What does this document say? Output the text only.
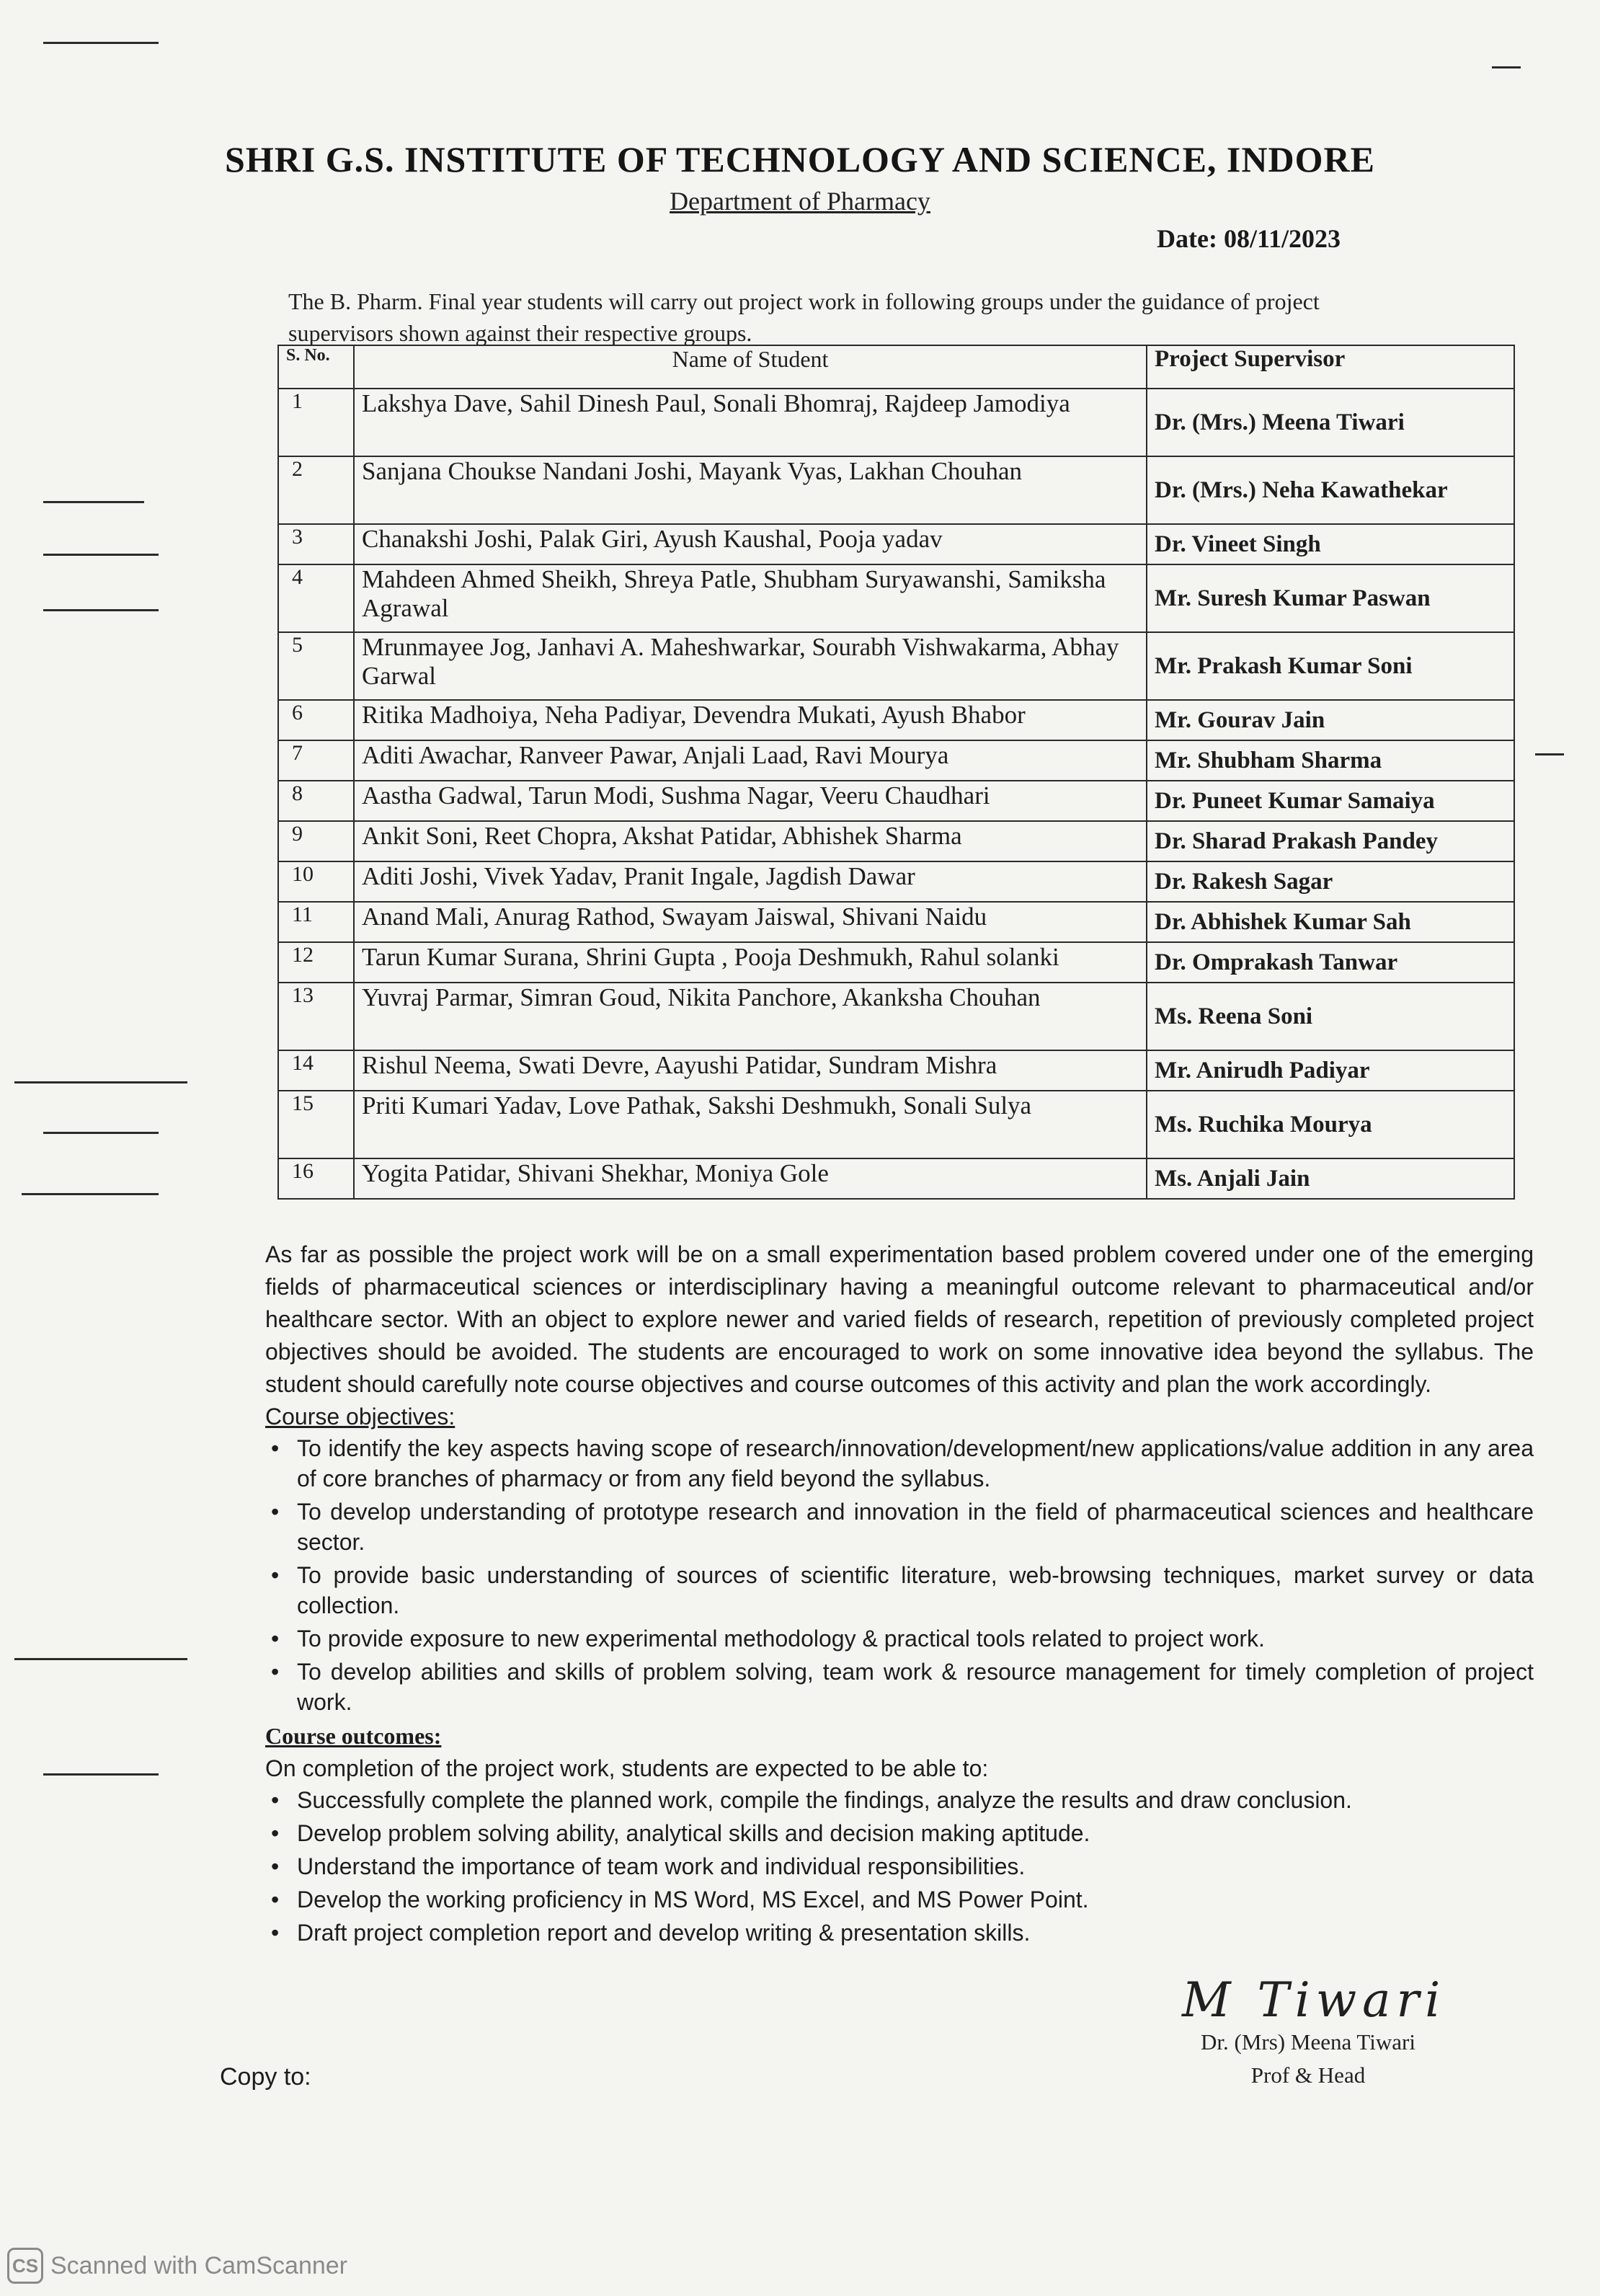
SHRI G.S. INSTITUTE OF TECHNOLOGY AND SCIENCE, INDORE
Department of Pharmacy
Date: 08/11/2023
The B. Pharm. Final year students will carry out project work in following groups under the guidance of project supervisors shown against their respective groups.
S. No.	Name of Student	Project Supervisor
1	Lakshya Dave, Sahil Dinesh Paul, Sonali Bhomraj, Rajdeep Jamodiya	Dr. (Mrs.) Meena Tiwari
2	Sanjana Choukse Nandani Joshi, Mayank Vyas, Lakhan Chouhan	Dr. (Mrs.) Neha Kawathekar
3	Chanakshi Joshi, Palak Giri, Ayush Kaushal, Pooja yadav	Dr. Vineet Singh
4	Mahdeen Ahmed Sheikh, Shreya Patle, Shubham Suryawanshi, Samiksha Agrawal	Mr. Suresh Kumar Paswan
5	Mrunmayee Jog, Janhavi A. Maheshwarkar, Sourabh Vishwakarma, Abhay Garwal	Mr. Prakash Kumar Soni
6	Ritika Madhoiya, Neha Padiyar, Devendra Mukati, Ayush Bhabor	Mr. Gourav Jain
7	Aditi Awachar, Ranveer Pawar, Anjali Laad, Ravi Mourya	Mr. Shubham Sharma
8	Aastha Gadwal, Tarun Modi, Sushma Nagar, Veeru Chaudhari	Dr. Puneet Kumar Samaiya
9	Ankit Soni, Reet Chopra, Akshat Patidar, Abhishek Sharma	Dr. Sharad Prakash Pandey
10	Aditi Joshi, Vivek Yadav, Pranit Ingale, Jagdish Dawar	Dr. Rakesh Sagar
11	Anand Mali, Anurag Rathod, Swayam Jaiswal, Shivani Naidu	Dr. Abhishek Kumar Sah
12	Tarun Kumar Surana, Shrini Gupta , Pooja Deshmukh, Rahul solanki	Dr. Omprakash Tanwar
13	Yuvraj Parmar, Simran Goud, Nikita Panchore, Akanksha Chouhan	Ms. Reena Soni
14	Rishul Neema, Swati Devre, Aayushi Patidar, Sundram Mishra	Mr. Anirudh Padiyar
15	Priti Kumari Yadav, Love Pathak, Sakshi Deshmukh, Sonali Sulya	Ms. Ruchika Mourya
16	Yogita Patidar, Shivani Shekhar, Moniya Gole	Ms. Anjali Jain
As far as possible the project work will be on a small experimentation based problem covered under one of the emerging fields of pharmaceutical sciences or interdisciplinary having a meaningful outcome relevant to pharmaceutical and/or healthcare sector. With an object to explore newer and varied fields of research, repetition of previously completed project objectives should be avoided. The students are encouraged to work on some innovative idea beyond the syllabus. The student should carefully note course objectives and course outcomes of this activity and plan the work accordingly.
Course objectives:
• To identify the key aspects having scope of research/innovation/development/new applications/value addition in any area of core branches of pharmacy or from any field beyond the syllabus.
• To develop understanding of prototype research and innovation in the field of pharmaceutical sciences and healthcare sector.
• To provide basic understanding of sources of scientific literature, web-browsing techniques, market survey or data collection.
• To provide exposure to new experimental methodology & practical tools related to project work.
• To develop abilities and skills of problem solving, team work & resource management for timely completion of project work.
Course outcomes:
On completion of the project work, students are expected to be able to:
• Successfully complete the planned work, compile the findings, analyze the results and draw conclusion.
• Develop problem solving ability, analytical skills and decision making aptitude.
• Understand the importance of team work and individual responsibilities.
• Develop the working proficiency in MS Word, MS Excel, and MS Power Point.
• Draft project completion report and develop writing & presentation skills.
M Tiwari
Dr. (Mrs) Meena Tiwari
Prof & Head
Copy to:
CS Scanned with CamScanner
